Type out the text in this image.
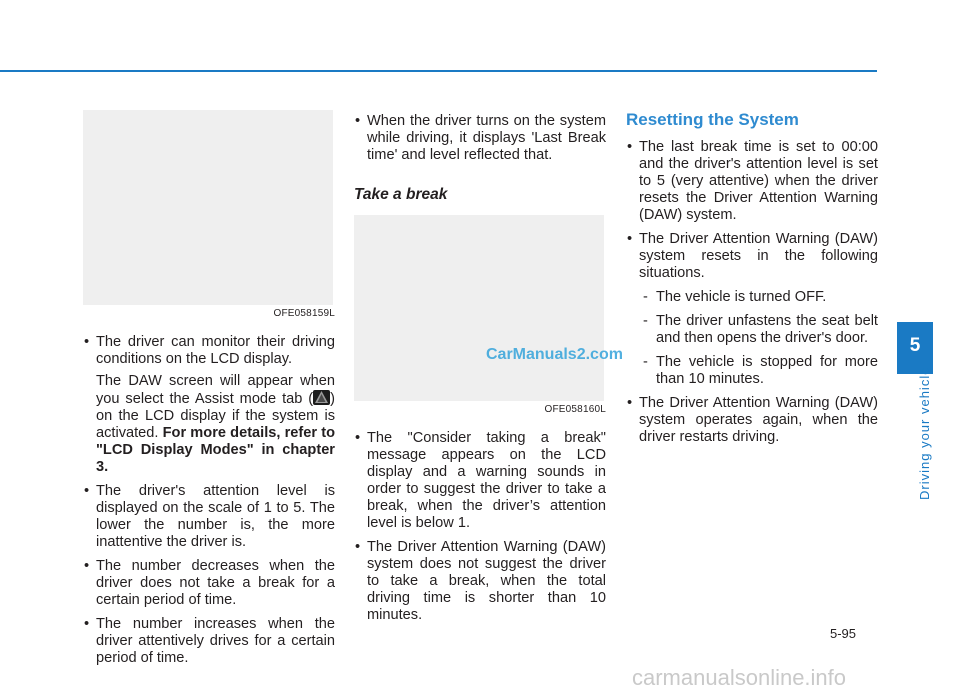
OFE058159L
• The driver can monitor their driving conditions on the LCD display.

The DAW screen will appear when you select the Assist mode tab ( ) on the LCD display if the system is activated. For more details, refer to "LCD Display Modes" in chapter 3.

• The driver's attention level is displayed on the scale of 1 to 5. The lower the number is, the more inattentive the driver is.
• The number decreases when the driver does not take a break for a certain period of time.
• The number increases when the driver attentively drives for a certain period of time.
• When the driver turns on the system while driving, it displays 'Last Break time' and level reflected that.
Take a break
OFE058160L
• The "Consider taking a break" message appears on the LCD display and a warning sounds in order to suggest the driver to take a break, when the driver’s attention level is below 1.
• The Driver Attention Warning (DAW) system does not suggest the driver to take a break, when the total driving time is shorter than 10 minutes.
Resetting the System
• The last break time is set to 00:00 and the driver's attention level is set to 5 (very attentive) when the driver resets the Driver Attention Warning (DAW) system.
• The Driver Attention Warning (DAW) system resets in the following situations.
- The vehicle is turned OFF.
- The driver unfastens the seat belt and then opens the driver's door.
- The vehicle is stopped for more than 10 minutes.
• The Driver Attention Warning (DAW) system operates again, when the driver restarts driving.
CarManuals2.com	5
Driving your vehicle
5-95
carmanualsonline.info
